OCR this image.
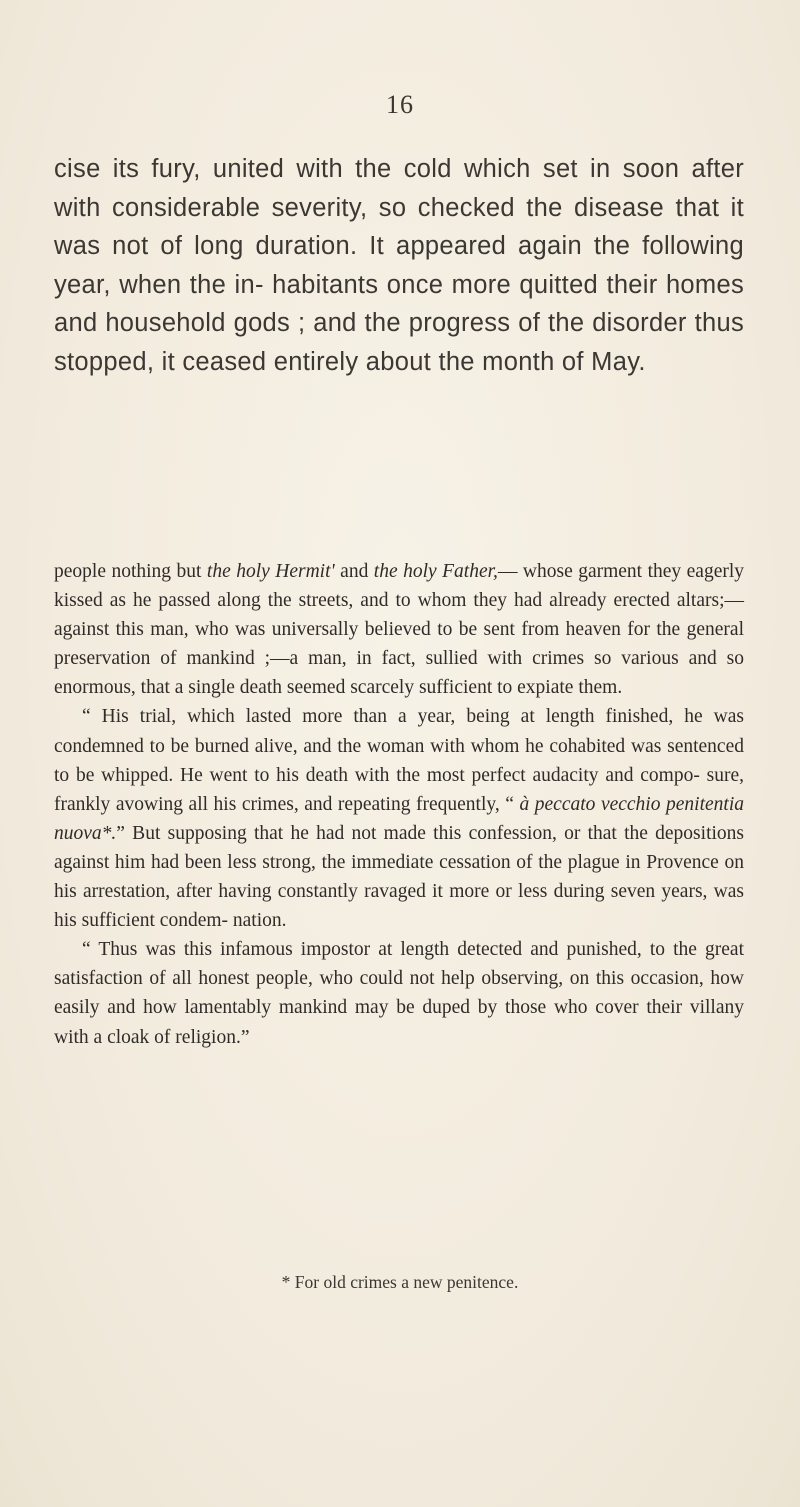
16

cise its fury, united with the cold which set in soon after with considerable severity, so checked the disease that it was not of long duration. It appeared again the following year, when the in- habitants once more quitted their homes and household gods ; and the progress of the disorder thus stopped, it ceased entirely about the month of May.

people nothing but the holy Hermit' and the holy Father,— whose garment they eagerly kissed as he passed along the streets, and to whom they had already erected altars;—against this man, who was universally believed to be sent from heaven for the general preservation of mankind ;—a man, in fact, sullied with crimes so various and so enormous, that a single death seemed scarcely sufficient to expiate them.

“ His trial, which lasted more than a year, being at length finished, he was condemned to be burned alive, and the woman with whom he cohabited was sentenced to be whipped. He went to his death with the most perfect audacity and compo- sure, frankly avowing all his crimes, and repeating frequently, “ à peccato vecchio penitentia nuova*.” But supposing that he had not made this confession, or that the depositions against him had been less strong, the immediate cessation of the plague in Provence on his arrestation, after having constantly ravaged it more or less during seven years, was his sufficient condem- nation.

“ Thus was this infamous impostor at length detected and punished, to the great satisfaction of all honest people, who could not help observing, on this occasion, how easily and how lamentably mankind may be duped by those who cover their villany with a cloak of religion.”

* For old crimes a new penitence.
